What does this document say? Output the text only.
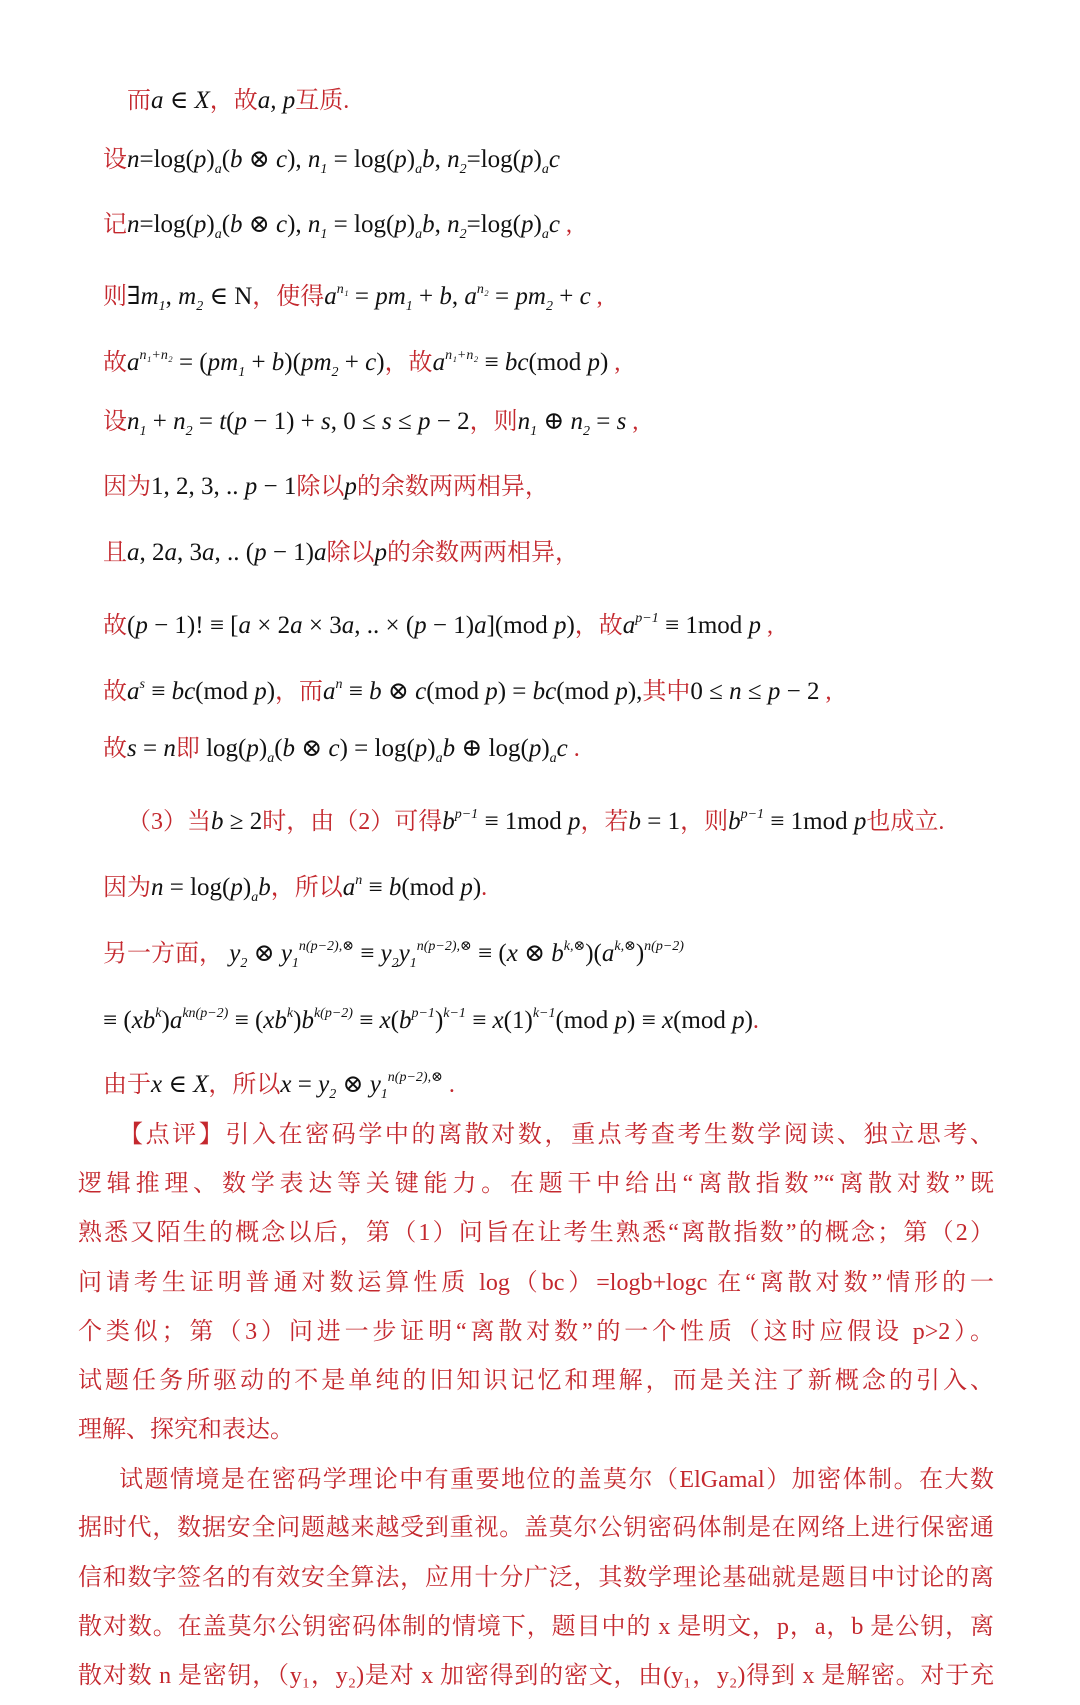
而a ∈ X，故a, p互质.
设$n=\log(p)_a(b$ ⊗ c), $n_1 = \log(p)_ab$, $n_2=\log(p)_ac$
记$n=\log(p)_a(b$ ⊗ c), $n_1 = \log(p)_ab$, $n_2=\log(p)_ac$ ,
则$\exists m_1$, $m_2$ ∈ N，使得$a^{n_1} = pm_1 + b$, $a^{n_2} = pm_2 + c$ ,
故$a^{n_1+n_2} = (pm_1 + b)(pm_2 + c)$，故$a^{n_1+n_2} \equiv bc(mod$ p) ,
设$n_1 + n_2 = t(p - 1) + s$, 0 ≤ s ≤ p − 2，则$n_1$ ⊕ $n_2 = s$ ,
因为1, 2, 3, .. p − 1除以p的余数两两相异，
且a, 2a, 3a, .. (p − 1)a除以p的余数两两相异，
故(p − 1)! ≡ [a × 2a × 3a, .. × (p − 1)a](mod p)，故$a^{p-1} \equiv 1mod$ p ,
故$a^s \equiv bc(mod$ p)，而$a^n \equiv b$ ⊗ c(mod p) = bc(mod p),其中0 ≤ n ≤ p − 2 ,
故s = n即 $\log(p)_a(b$ ⊗ $c) = \log(p)_ab$ ⊕ $\log(p)_ac$ .
（3）当b ≥ 2时，由（2）可得$b^{p-1} \equiv 1mod$ p，若b = 1，则$b^{p-1} \equiv 1mod$ p也成立.
因为$n = \log(p)_ab$，所以$a^n \equiv b(mod$ p).
另一方面， $y_2$ ⊗ $y_1^{n(p-2),\otimes} \equiv y_2y_1^{n(p-2),\otimes} \equiv (x$ ⊗ $b^{k,\otimes})(a^{k,\otimes})^{n(p-2)}$
≡ $(xb^k)a^{kn(p-2)} \equiv (xb^k)b^{k(p-2)} \equiv x(b^{p-1})^{k-1} \equiv x(1)^{k-1}(mod$ p) ≡ x(mod p).
由于x ∈ X，所以$x = y_2$ ⊗ $y_1^{n(p-2),\otimes}$ .
【点评】引入在密码学中的离散对数，重点考查考生数学阅读、独立思考、
逻辑推理、数学表达等关键能力。在题干中给出“离散指数”“离散对数”既
熟悉又陌生的概念以后，第（1）问旨在让考生熟悉“离散指数”的概念；第（2）
问请考生证明普通对数运算性质 log（bc）=logb+logc 在“离散对数”情形的一
个类似；第（3）问进一步证明“离散对数”的一个性质（这时应假设 p>2）。
试题任务所驱动的不是单纯的旧知识记忆和理解，而是关注了新概念的引入、
理解、探究和表达。
试题情境是在密码学理论中有重要地位的盖莫尔（ElGamal）加密体制。在大数
据时代，数据安全问题越来越受到重视。盖莫尔公钥密码体制是在网络上进行保密通
信和数字签名的有效安全算法，应用十分广泛，其数学理论基础就是题目中讨论的离
散对数。在盖莫尔公钥密码体制的情境下，题目中的 x 是明文，p，a，b 是公钥，离
散对数 n 是密钥，（y₁，y₂)是对 x 加密得到的密文，由(y₁，y₂)得到 x 是解密。对于充
